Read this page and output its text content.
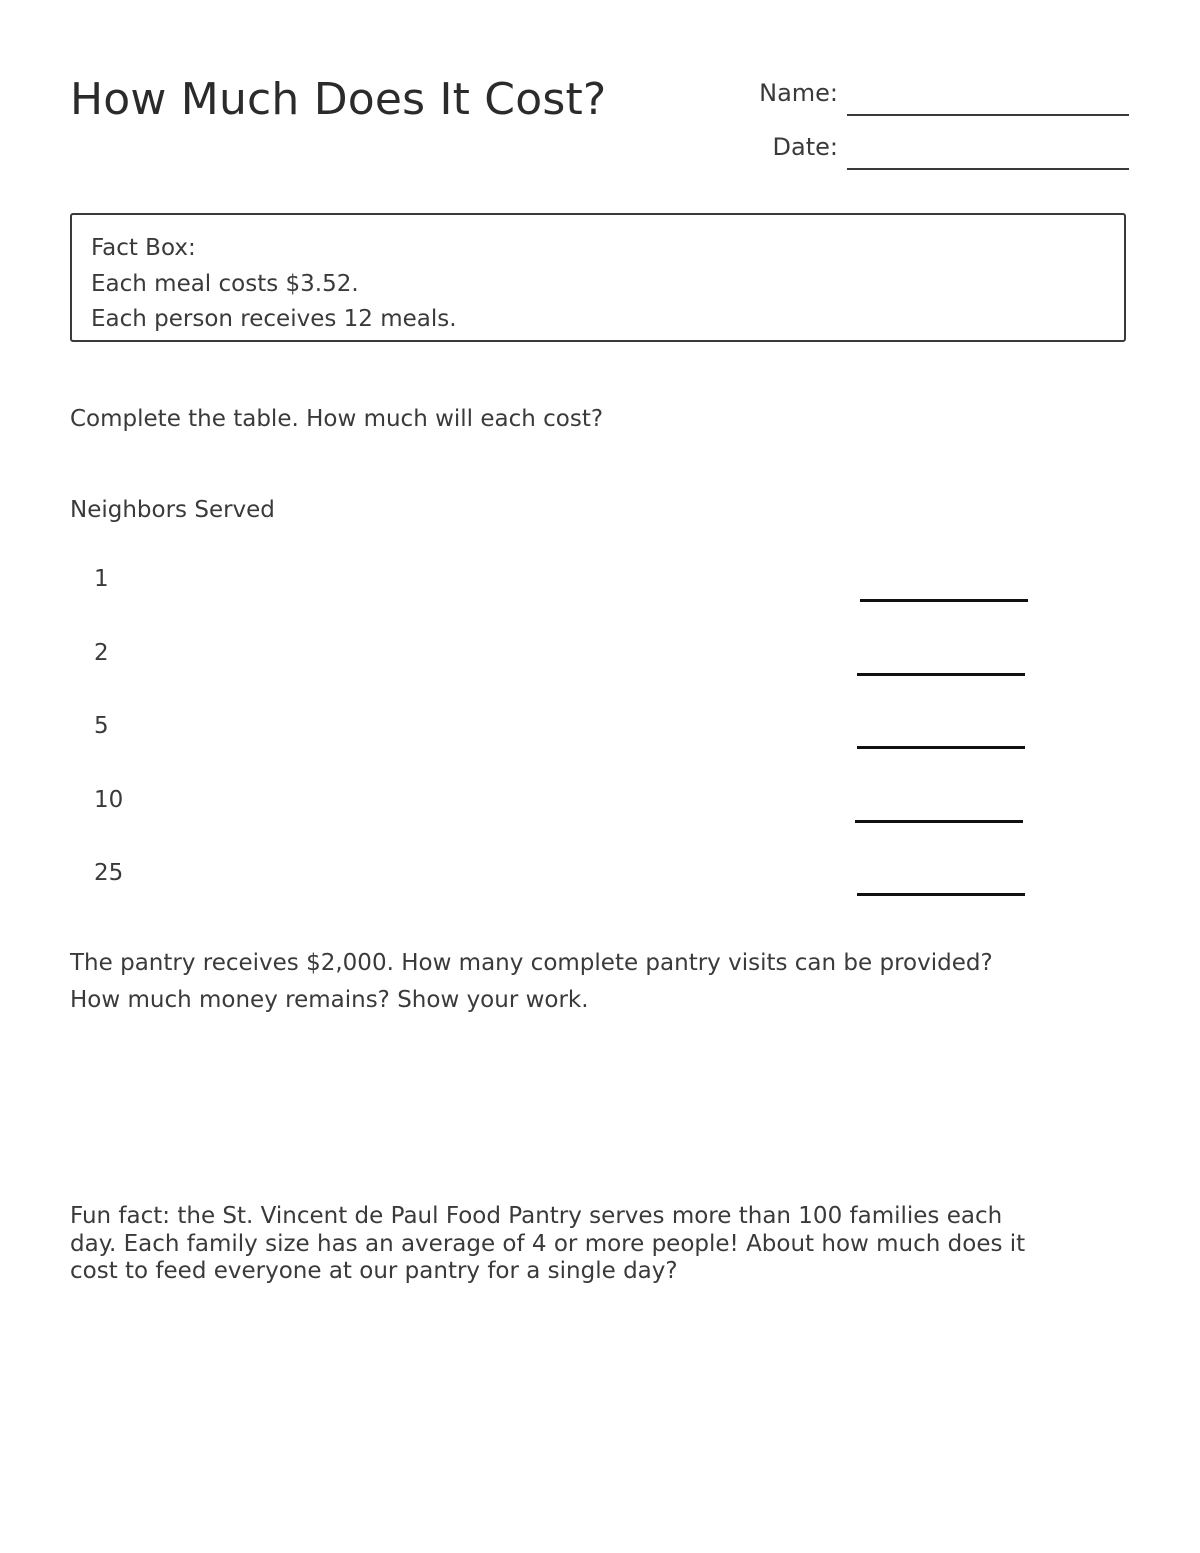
How Much Does It Cost?	Name:
Date:
Fact Box:
Each meal costs $3.52.
Each person receives 12 meals.
Complete the table. How much will each cost?
Neighbors Served
1
2
5
10
25
The pantry receives $2,000. How many complete pantry visits can be provided?
How much money remains? Show your work.
Fun fact: the St. Vincent de Paul Food Pantry serves more than 100 families each
day. Each family size has an average of 4 or more people! About how much does it
cost to feed everyone at our pantry for a single day?
